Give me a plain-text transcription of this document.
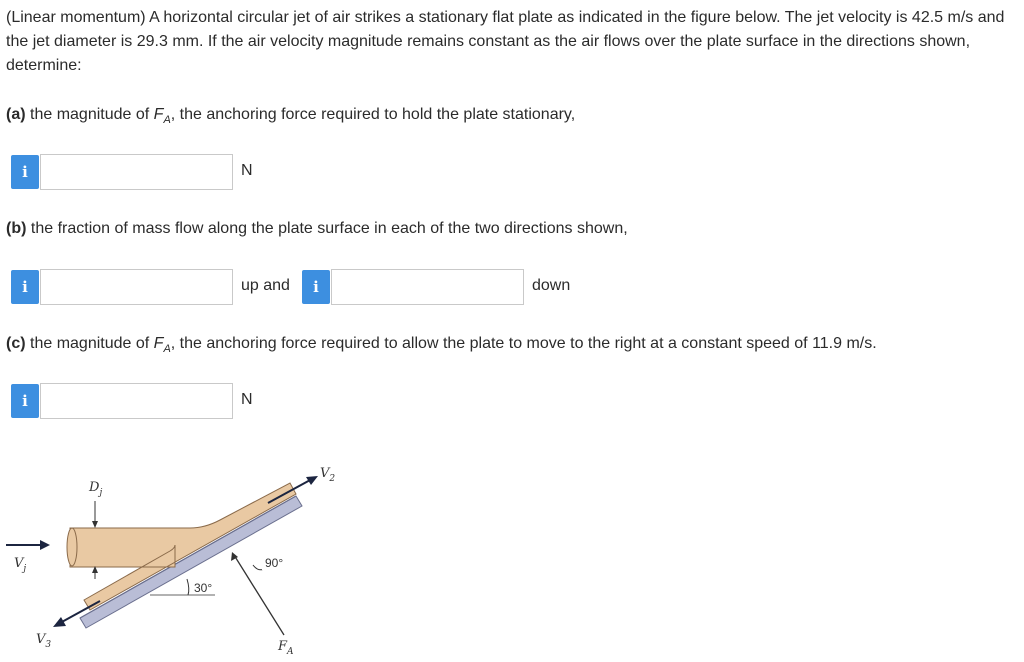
(Linear momentum) A horizontal circular jet of air strikes a stationary flat plate as indicated in the figure below. The jet velocity is 42.5 m/s and the jet diameter is 29.3 mm. If the air velocity magnitude remains constant as the air flows over the plate surface in the directions shown, determine:
(a) the magnitude of $F_A$, the anchoring force required to hold the plate stationary,
i	N
(b) the fraction of mass flow along the plate surface in each of the two directions shown,
i	up and	i	down
(c) the magnitude of $F_A$, the anchoring force required to allow the plate to move to the right at a constant speed of 11.9 m/s.
i	N
$V_j$
$D_j$
$V_2$
$V_3$	$F_A$
90°
30°
